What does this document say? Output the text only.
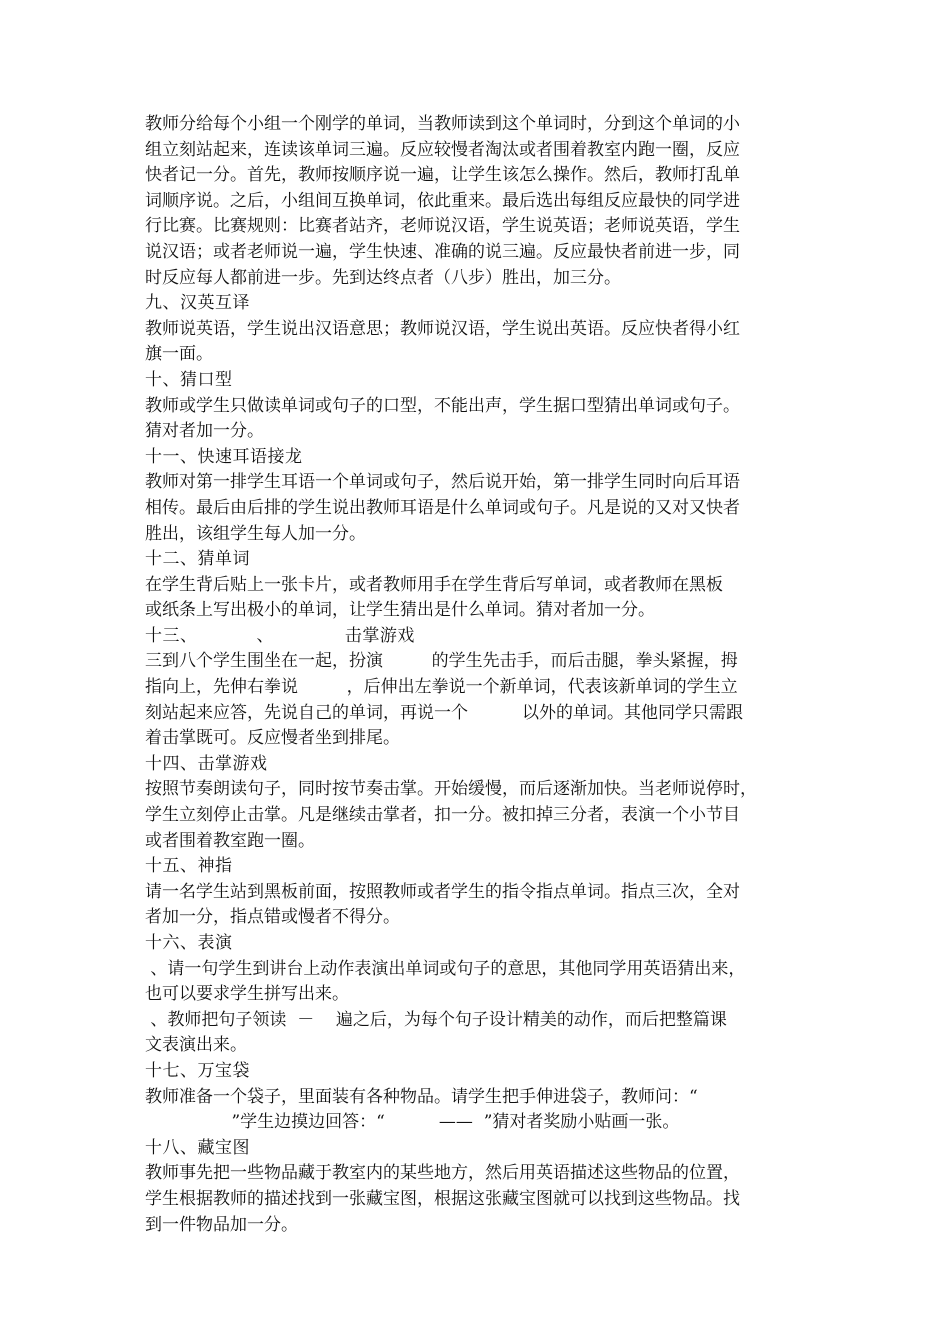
教师分给每个小组一个刚学的单词，当教师读到这个单词时，分到这个单词的小
组立刻站起来，连读该单词三遍。反应较慢者淘汰或者围着教室内跑一圈，反应
快者记一分。首先，教师按顺序说一遍，让学生该怎么操作。然后，教师打乱单
词顺序说。之后，小组间互换单词，依此重来。最后选出每组反应最快的同学进
行比赛。比赛规则：比赛者站齐，老师说汉语，学生说英语；老师说英语，学生
说汉语；或者老师说一遍，学生快速、准确的说三遍。反应最快者前进一步，同
时反应每人都前进一步。先到达终点者（八步）胜出，加三分。
九、汉英互译
教师说英语，学生说出汉语意思；教师说汉语，学生说出英语。反应快者得小红
旗一面。
十、猜口型
教师或学生只做读单词或句子的口型，不能出声，学生据口型猜出单词或句子。
猜对者加一分。
十一、快速耳语接龙
教师对第一排学生耳语一个单词或句子，然后说开始，第一排学生同时向后耳语
相传。最后由后排的学生说出教师耳语是什么单词或句子。凡是说的又对又快者
胜出，该组学生每人加一分。
十二、猜单词
在学生背后贴上一张卡片，或者教师用手在学生背后写单词，或者教师在黑板
或纸条上写出极小的单词，让学生猜出是什么单词。猜对者加一分。
十三、          、            击掌游戏
三到八个学生围坐在一起，扮演         的学生先击手，而后击腿，拳头紧握，拇
指向上，先伸右拳说         ，后伸出左拳说一个新单词，代表该新单词的学生立
刻站起来应答，先说自己的单词，再说一个          以外的单词。其他同学只需跟
着击掌既可。反应慢者坐到排尾。
十四、击掌游戏
按照节奏朗读句子，同时按节奏击掌。开始缓慢，而后逐渐加快。当老师说停时，
学生立刻停止击掌。凡是继续击掌者，扣一分。被扣掉三分者，表演一个小节目
或者围着教室跑一圈。
十五、神指
请一名学生站到黑板前面，按照教师或者学生的指令指点单词。指点三次，全对
者加一分，指点错或慢者不得分。
十六、表演
、请一句学生到讲台上动作表演出单词或句子的意思，其他同学用英语猜出来，
也可以要求学生拼写出来。
、教师把句子领读  －    遍之后，为每个句子设计精美的动作，而后把整篇课
文表演出来。
十七、万宝袋
教师准备一个袋子，里面装有各种物品。请学生把手伸进袋子，教师问：“
”学生边摸边回答：“          ——  ”猜对者奖励小贴画一张。
十八、藏宝图
教师事先把一些物品藏于教室内的某些地方，然后用英语描述这些物品的位置，
学生根据教师的描述找到一张藏宝图，根据这张藏宝图就可以找到这些物品。找
到一件物品加一分。
